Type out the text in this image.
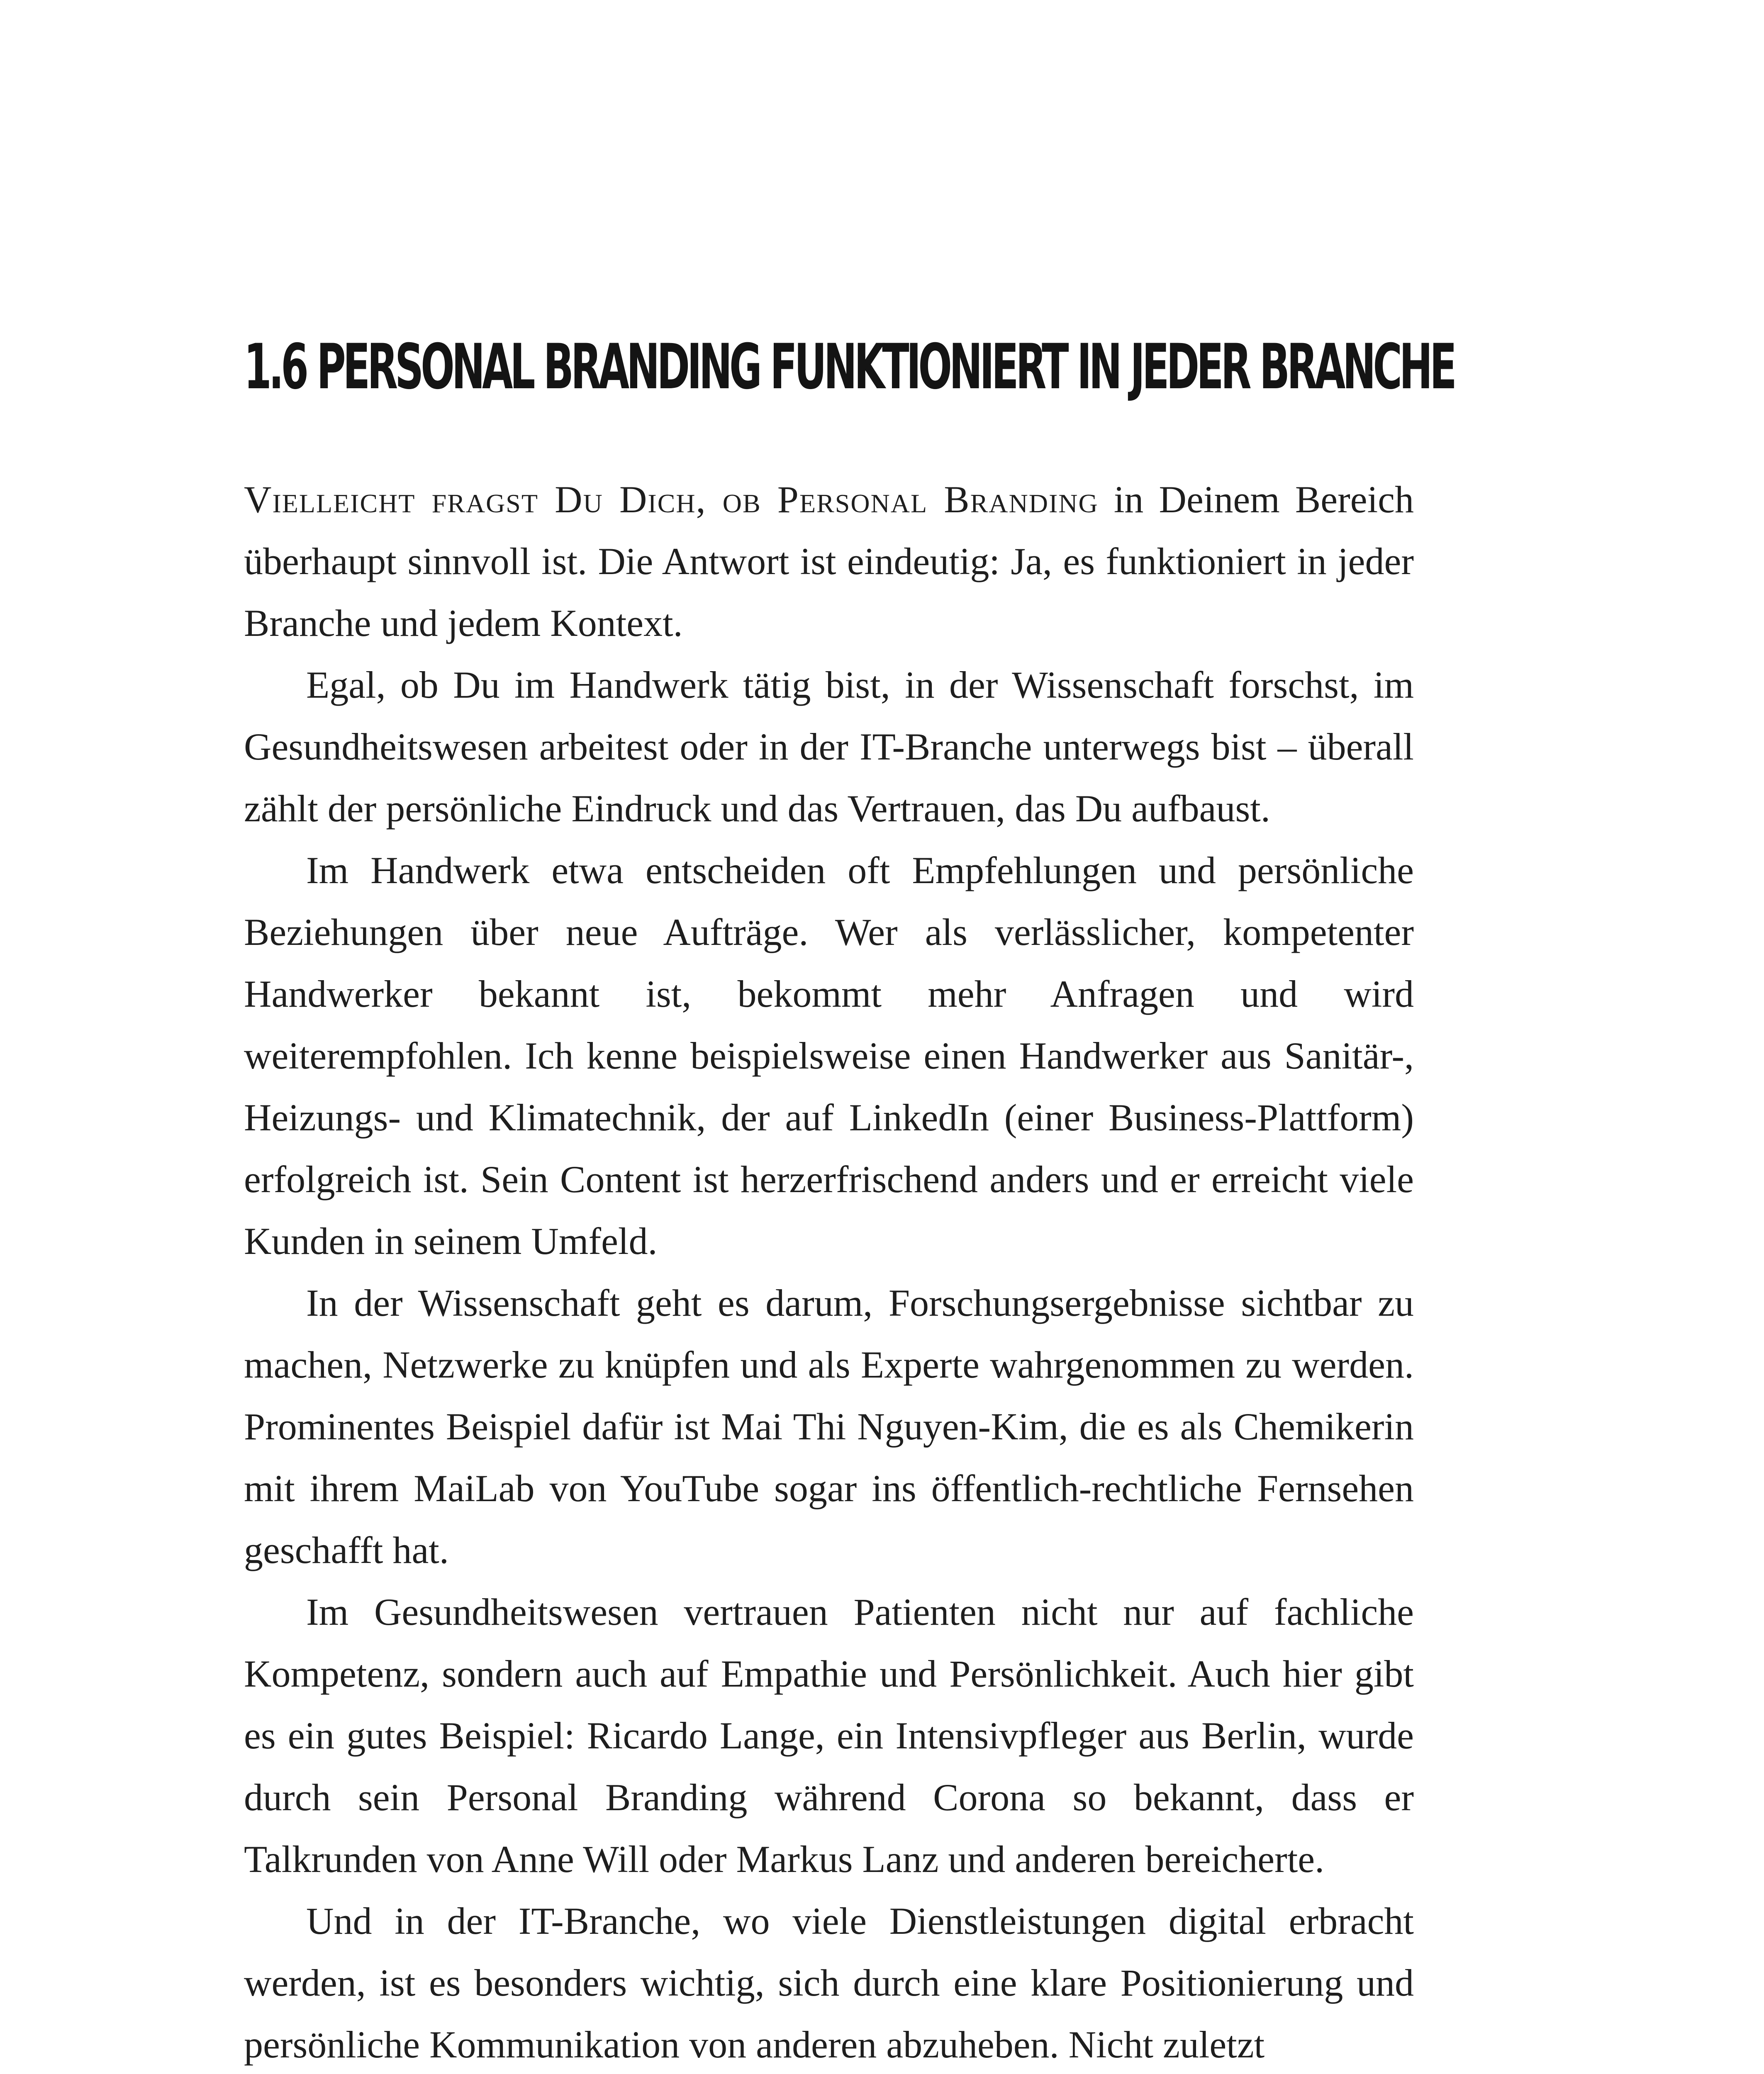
1.6 PERSONAL BRANDING FUNKTIONIERT IN JEDER BRANCHE

Vielleicht fragst Du Dich, ob Personal Branding in Deinem Bereich überhaupt sinnvoll ist. Die Antwort ist eindeutig: Ja, es funktioniert in jeder Branche und jedem Kontext.

Egal, ob Du im Handwerk tätig bist, in der Wissenschaft forschst, im Gesundheitswesen arbeitest oder in der IT-Branche unterwegs bist – überall zählt der persönliche Eindruck und das Vertrauen, das Du aufbaust.

Im Handwerk etwa entscheiden oft Empfehlungen und persönliche Beziehungen über neue Aufträge. Wer als verlässlicher, kompetenter Handwerker bekannt ist, bekommt mehr Anfragen und wird weiterempfohlen. Ich kenne beispielsweise einen Handwerker aus Sanitär-, Heizungs- und Klimatechnik, der auf LinkedIn (einer Business-Plattform) erfolgreich ist. Sein Content ist herzerfrischend anders und er erreicht viele Kunden in seinem Umfeld.

In der Wissenschaft geht es darum, Forschungsergebnisse sichtbar zu machen, Netzwerke zu knüpfen und als Experte wahrgenommen zu werden. Prominentes Beispiel dafür ist Mai Thi Nguyen-Kim, die es als Chemikerin mit ihrem MaiLab von YouTube sogar ins öffentlich-rechtliche Fernsehen geschafft hat.

Im Gesundheitswesen vertrauen Patienten nicht nur auf fachliche Kompetenz, sondern auch auf Empathie und Persönlichkeit. Auch hier gibt es ein gutes Beispiel: Ricardo Lange, ein Intensivpfleger aus Berlin, wurde durch sein Personal Branding während Corona so bekannt, dass er Talkrunden von Anne Will oder Markus Lanz und anderen bereicherte.

Und in der IT-Branche, wo viele Dienstleistungen digital erbracht werden, ist es besonders wichtig, sich durch eine klare Positionierung und persönliche Kommunikation von anderen abzuheben. Nicht zuletzt
